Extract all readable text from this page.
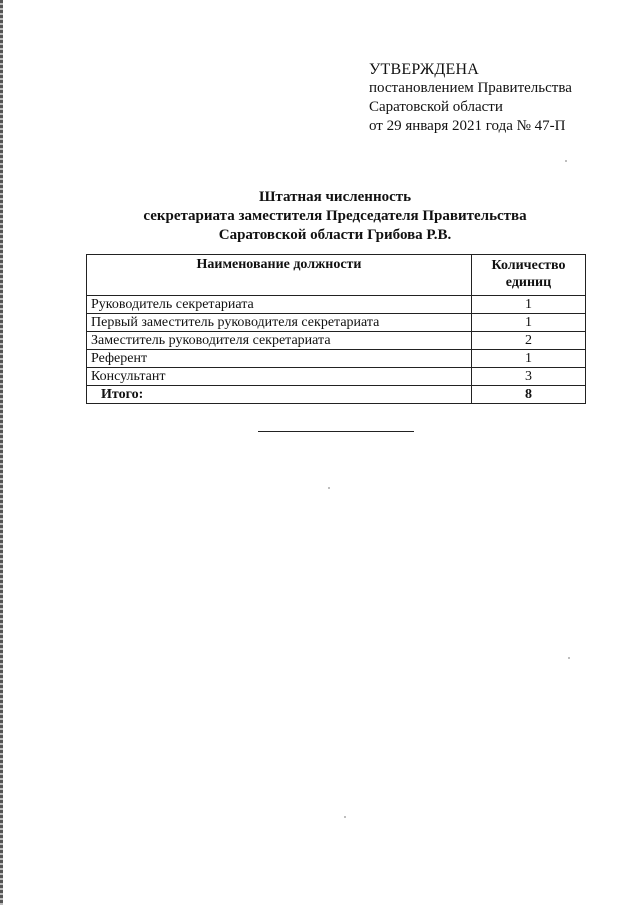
УТВЕРЖДЕНА
постановлением Правительства
Саратовской области
от 29 января 2021 года № 47-П
Штатная численность
секретариата заместителя Председателя Правительства
Саратовской области Грибова Р.В.
Наименование должности	Количество
единиц

Руководитель секретариата	1
Первый заместитель руководителя секретариата	1
Заместитель руководителя секретариата	2
Референт	1
Консультант	3
Итого:	8
